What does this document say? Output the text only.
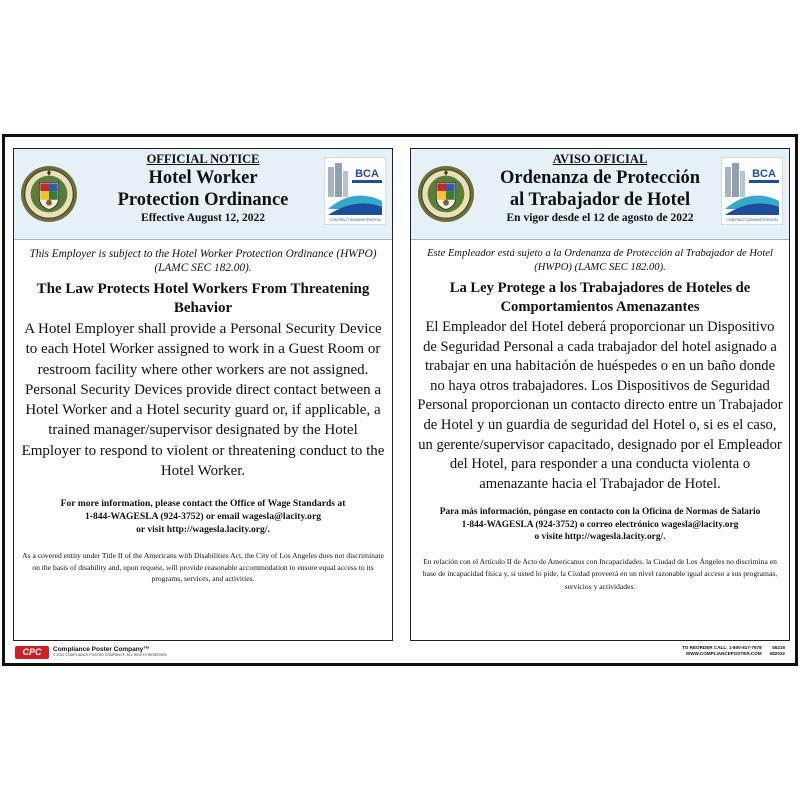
OFFICIAL NOTICE
Hotel Worker
Protection Ordinance
Effective August 12, 2022
BCA
CONTRACT ADMINISTRATION
This Employer is subject to the Hotel Worker Protection Ordinance (HWPO) (LAMC SEC 182.00).
The Law Protects Hotel Workers From Threatening Behavior
A Hotel Employer shall provide a Personal Security Device to each Hotel Worker assigned to work in a Guest Room or restroom facility where other workers are not assigned. Personal Security Devices provide direct contact between a Hotel Worker and a Hotel security guard or, if applicable, a trained manager/supervisor designated by the Hotel Employer to respond to violent or threatening conduct to the Hotel Worker.
For more information, please contact the Office of Wage Standards at
1-844-WAGESLA (924-3752) or email wagesla@lacity.org
or visit http://wagesla.lacity.org/.
As a covered entity under Title II of the Americans with Disabilities Act, the City of Los Angeles does not discriminate on the basis of disability and, upon request, will provide reasonable accommodation to ensure equal access to its programs, services, and activities.
AVISO OFICIAL
Ordenanza de Protección
al Trabajador de Hotel
En vigor desde el 12 de agosto de 2022
BCA
CONTRACT ADMINISTRATION
Este Empleador está sujeto a la Ordenanza de Protección al Trabajador de Hotel (HWPO) (LAMC SEC 182.00).
La Ley Protege a los Trabajadores de Hoteles de Comportamientos Amenazantes
El Empleador del Hotel deberá proporcionar un Dispositivo de Seguridad Personal a cada trabajador del hotel asignado a trabajar en una habitación de huéspedes o en un baño donde no haya otros trabajadores. Los Dispositivos de Seguridad Personal proporcionan un contacto directo entre un Trabajador de Hotel y un guardia de seguridad del Hotel o, si es el caso, un gerente/supervisor capacitado, designado por el Empleador del Hotel, para responder a una conducta violenta o amenazante hacia el Trabajador de Hotel.
Para más información, póngase en contacto con la Oficina de Normas de Salario
1-844-WAGESLA (924-3752) o correo electrónico wagesla@lacity.org
o visite http://wagesla.lacity.org/.
En relación con el Artículo II de Acto de Americanos con Incapacidades, la Ciudad de Los Ángeles no discrimina en base de incapacidad física y, si usted lo pide, la Ciudad proveerá en un nivel razonable igual acceso a sus programas, servicios y actividades.
CPC	Compliance Poster Company™
© 2022 COMPLIANCE POSTER COMPANY®. ALL RIGHTS RESERVED
TO REORDER CALL: 1-800-817-7678
WWW.COMPLIANCEPOSTER.COM
55216
082022
